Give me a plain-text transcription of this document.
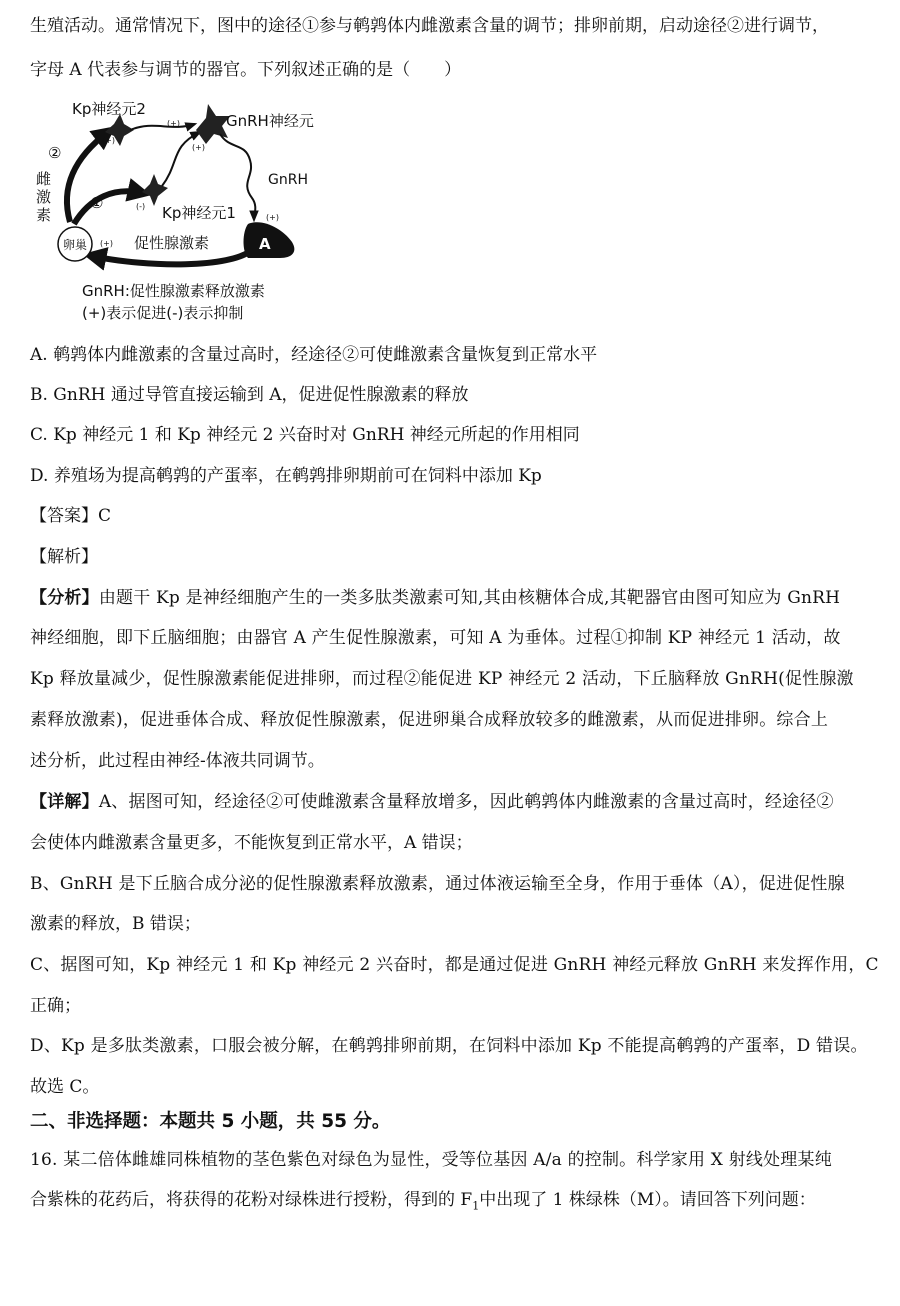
生殖活动。通常情况下，图中的途径①参与鹌鹑体内雌激素含量的调节；排卵前期，启动途径②进行调节，
字母 A 代表参与调节的器官。下列叙述正确的是（　　）
A
卵巢
Kp神经元2
GnRH神经元
GnRH
Kp神经元1
促性腺激素
②
①
雌
激
素
(+)
(+)
(-)
(+)
(+)
(+)
GnRH:促性腺激素释放激素
(+)表示促进(-)表示抑制
A. 鹌鹑体内雌激素的含量过高时，经途径②可使雌激素含量恢复到正常水平
B. GnRH 通过导管直接运输到 A，促进促性腺激素的释放
C. Kp 神经元 1 和 Kp 神经元 2 兴奋时对 GnRH 神经元所起的作用相同
D. 养殖场为提高鹌鹑的产蛋率，在鹌鹑排卵期前可在饲料中添加 Kp
【答案】C
【解析】
【分析】由题干 Kp 是神经细胞产生的一类多肽类激素可知,其由核糖体合成,其靶器官由图可知应为 GnRH
神经细胞，即下丘脑细胞；由器官 A 产生促性腺激素，可知 A 为垂体。过程①抑制 KP 神经元 1 活动，故
Kp 释放量减少，促性腺激素能促进排卵，而过程②能促进 KP 神经元 2 活动，下丘脑释放 GnRH(促性腺激
素释放激素)，促进垂体合成、释放促性腺激素，促进卵巢合成释放较多的雌激素，从而促进排卵。综合上
述分析，此过程由神经-体液共同调节。
【详解】A、据图可知，经途径②可使雌激素含量释放增多，因此鹌鹑体内雌激素的含量过高时，经途径②
会使体内雌激素含量更多，不能恢复到正常水平，A 错误；
B、GnRH 是下丘脑合成分泌的促性腺激素释放激素，通过体液运输至全身，作用于垂体（A），促进促性腺
激素的释放，B 错误；
C、据图可知，Kp 神经元 1 和 Kp 神经元 2 兴奋时，都是通过促进 GnRH 神经元释放 GnRH 来发挥作用，C
正确；
D、Kp 是多肽类激素，口服会被分解，在鹌鹑排卵前期，在饲料中添加 Kp 不能提高鹌鹑的产蛋率，D 错误。
故选 C。
二、非选择题：本题共 5 小题，共 55 分。
16. 某二倍体雌雄同株植物的茎色紫色对绿色为显性，受等位基因 A/a 的控制。科学家用 X 射线处理某纯
合紫株的花药后，将获得的花粉对绿株进行授粉，得到的 $F_1$中出现了 1 株绿株（M）。请回答下列问题：
